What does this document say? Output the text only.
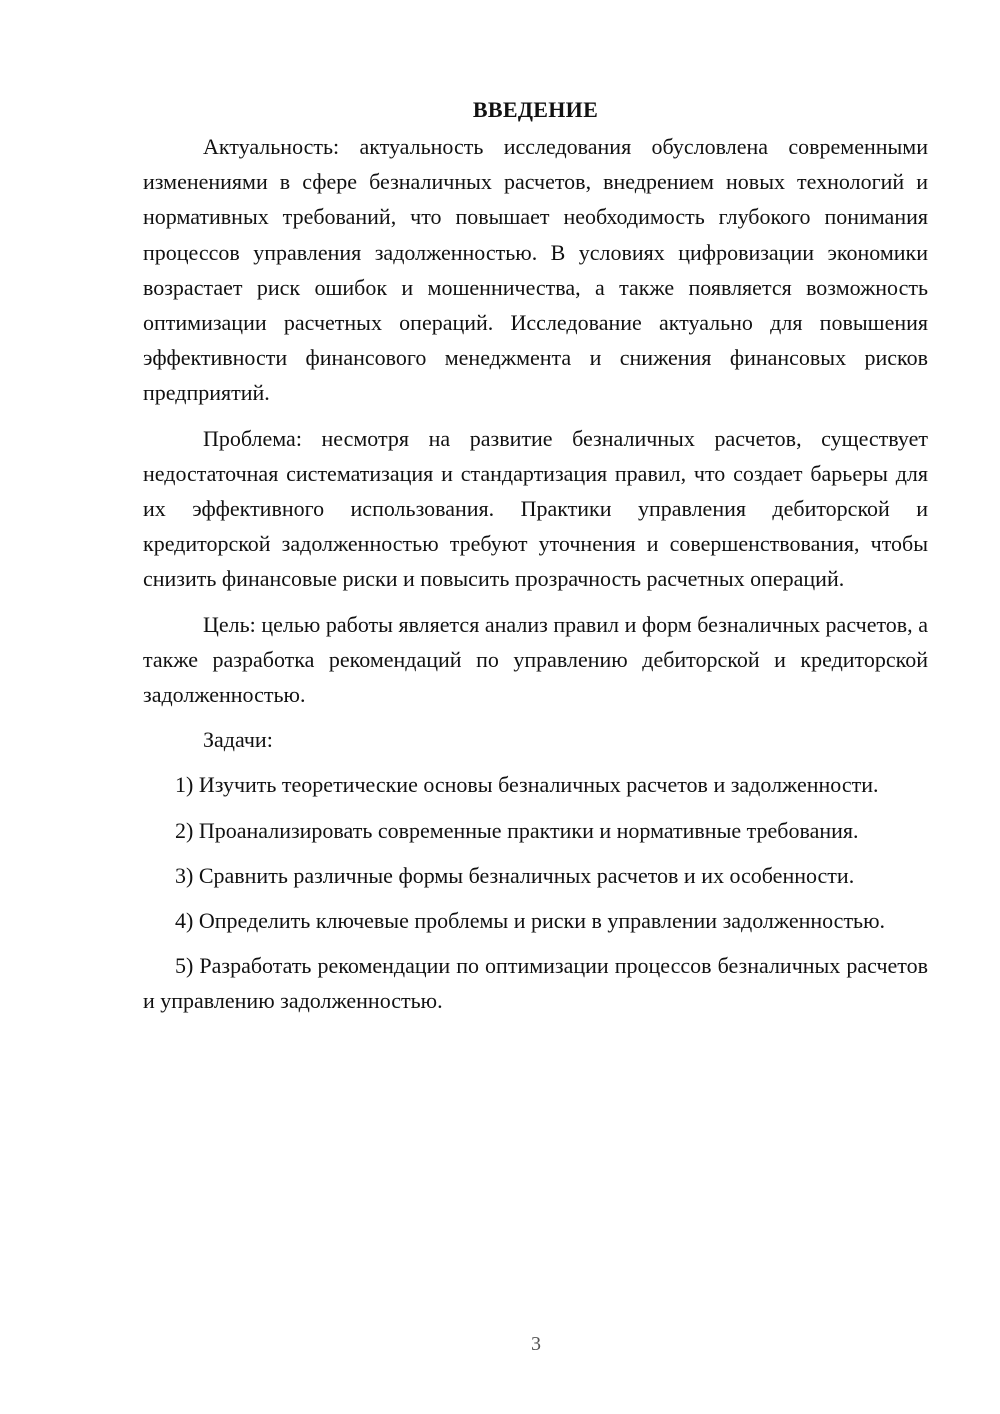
ВВЕДЕНИЕ

Актуальность: актуальность исследования обусловлена современными изменениями в сфере безналичных расчетов, внедрением новых технологий и нормативных требований, что повышает необходимость глубокого понимания процессов управления задолженностью. В условиях цифровизации экономики возрастает риск ошибок и мошенничества, а также появляется возможность оптимизации расчетных операций. Исследование актуально для повышения эффективности финансового менеджмента и снижения финансовых рисков предприятий.

Проблема: несмотря на развитие безналичных расчетов, существует недостаточная систематизация и стандартизация правил, что создает барьеры для их эффективного использования. Практики управления дебиторской и кредиторской задолженностью требуют уточнения и совершенствования, чтобы снизить финансовые риски и повысить прозрачность расчетных операций.

Цель: целью работы является анализ правил и форм безналичных расчетов, а также разработка рекомендаций по управлению дебиторской и кредиторской задолженностью.

Задачи:

1) Изучить теоретические основы безналичных расчетов и задолженности.

2) Проанализировать современные практики и нормативные требования.

3) Сравнить различные формы безналичных расчетов и их особенности.

4) Определить ключевые проблемы и риски в управлении задолженностью.

5) Разработать рекомендации по оптимизации процессов безналичных расчетов и управлению задолженностью.

3
